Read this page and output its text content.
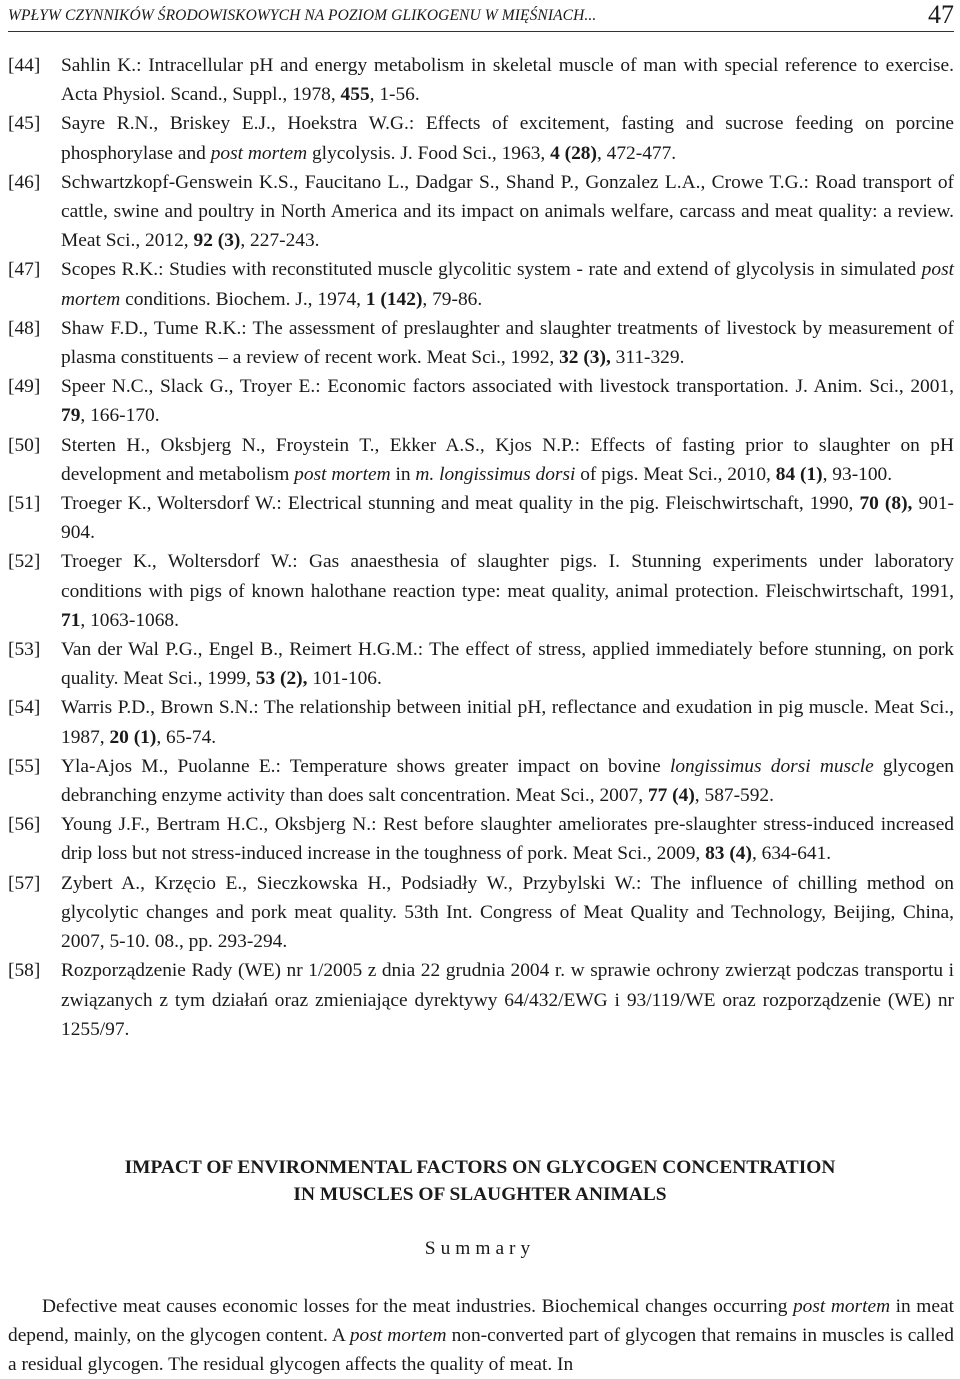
WPŁYW CZYNNIKÓW ŚRODOWISKOWYCH NA POZIOM GLIKOGENU W MIĘŚNIACH...	47
[44] Sahlin K.: Intracellular pH and energy metabolism in skeletal muscle of man with special reference to exercise. Acta Physiol. Scand., Suppl., 1978, 455, 1-56.
[45] Sayre R.N., Briskey E.J., Hoekstra W.G.: Effects of excitement, fasting and sucrose feeding on porcine phosphorylase and post mortem glycolysis. J. Food Sci., 1963, 4 (28), 472-477.
[46] Schwartzkopf-Genswein K.S., Faucitano L., Dadgar S., Shand P., Gonzalez L.A., Crowe T.G.: Road transport of cattle, swine and poultry in North America and its impact on animals welfare, carcass and meat quality: a review. Meat Sci., 2012, 92 (3), 227-243.
[47] Scopes R.K.: Studies with reconstituted muscle glycolitic system - rate and extend of glycolysis in simulated post mortem conditions. Biochem. J., 1974, 1 (142), 79-86.
[48] Shaw F.D., Tume R.K.: The assessment of preslaughter and slaughter treatments of livestock by measurement of plasma constituents – a review of recent work. Meat Sci., 1992, 32 (3), 311-329.
[49] Speer N.C., Slack G., Troyer E.: Economic factors associated with livestock transportation. J. Anim. Sci., 2001, 79, 166-170.
[50] Sterten H., Oksbjerg N., Froystein T., Ekker A.S., Kjos N.P.: Effects of fasting prior to slaughter on pH development and metabolism post mortem in m. longissimus dorsi of pigs. Meat Sci., 2010, 84 (1), 93-100.
[51] Troeger K., Woltersdorf W.: Electrical stunning and meat quality in the pig. Fleischwirtschaft, 1990, 70 (8), 901-904.
[52] Troeger K., Woltersdorf W.: Gas anaesthesia of slaughter pigs. I. Stunning experiments under laboratory conditions with pigs of known halothane reaction type: meat quality, animal protection. Fleischwirtschaft, 1991, 71, 1063-1068.
[53] Van der Wal P.G., Engel B., Reimert H.G.M.: The effect of stress, applied immediately before stunning, on pork quality. Meat Sci., 1999, 53 (2), 101-106.
[54] Warris P.D., Brown S.N.: The relationship between initial pH, reflectance and exudation in pig muscle. Meat Sci., 1987, 20 (1), 65-74.
[55] Yla-Ajos M., Puolanne E.: Temperature shows greater impact on bovine longissimus dorsi muscle glycogen debranching enzyme activity than does salt concentration. Meat Sci., 2007, 77 (4), 587-592.
[56] Young J.F., Bertram H.C., Oksbjerg N.: Rest before slaughter ameliorates pre-slaughter stress-induced increased drip loss but not stress-induced increase in the toughness of pork. Meat Sci., 2009, 83 (4), 634-641.
[57] Zybert A., Krzęcio E., Sieczkowska H., Podsiadły W., Przybylski W.: The influence of chilling method on glycolytic changes and pork meat quality. 53th Int. Congress of Meat Quality and Technology, Beijing, China, 2007, 5-10. 08., pp. 293-294.
[58] Rozporządzenie Rady (WE) nr 1/2005 z dnia 22 grudnia 2004 r. w sprawie ochrony zwierząt podczas transportu i związanych z tym działań oraz zmieniające dyrektywy 64/432/EWG i 93/119/WE oraz rozporządzenie (WE) nr 1255/97.
IMPACT OF ENVIRONMENTAL FACTORS ON GLYCOGEN CONCENTRATION
IN MUSCLES OF SLAUGHTER ANIMALS
Summary
Defective meat causes economic losses for the meat industries. Biochemical changes occurring post mortem in meat depend, mainly, on the glycogen content. A post mortem non-converted part of glycogen that remains in muscles is called a residual glycogen. The residual glycogen affects the quality of meat. In
